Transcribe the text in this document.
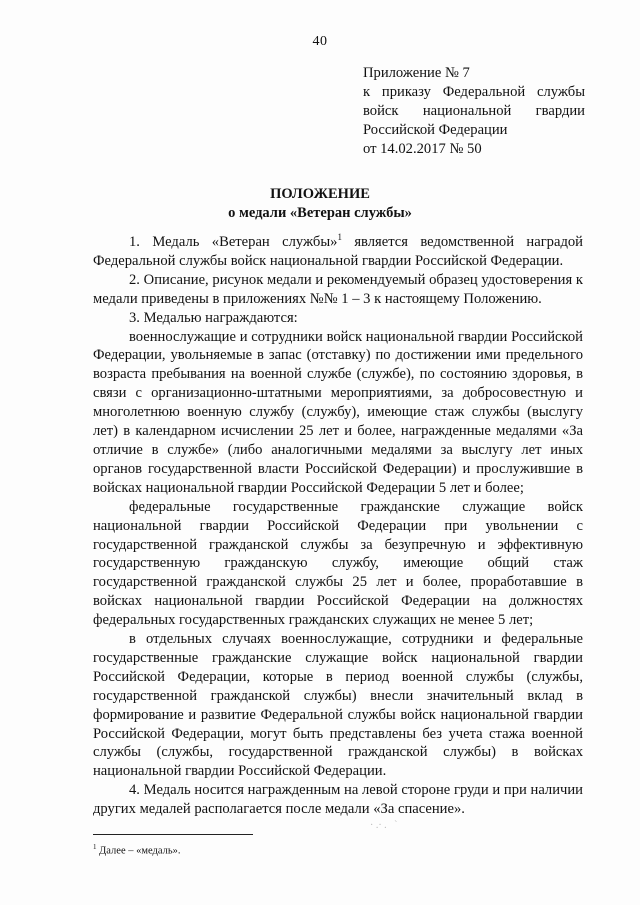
40
Приложение № 7
к приказу Федеральной службы
войск национальной гвардии
Российской Федерации
от 14.02.2017 № 50
ПОЛОЖЕНИЕ
о медали «Ветеран службы»

1. Медаль «Ветеран службы»$^1$ является ведомственной наградой Федеральной службы войск национальной гвардии Российской Федерации.

2. Описание, рисунок медали и рекомендуемый образец удостоверения к медали приведены в приложениях №№ 1 – 3 к настоящему Положению.

3. Медалью награждаются:

военнослужащие и сотрудники войск национальной гвардии Российской Федерации, увольняемые в запас (отставку) по достижении ими предельного возраста пребывания на военной службе (службе), по состоянию здоровья, в связи с организационно-штатными мероприятиями, за добросовестную и многолетнюю военную службу (службу), имеющие стаж службы (выслугу лет) в календарном исчислении 25 лет и более, награжденные медалями «За отличие в службе» (либо аналогичными медалями за выслугу лет иных органов государственной власти Российской Федерации) и прослужившие в войсках национальной гвардии Российской Федерации 5 лет и более;

федеральные государственные гражданские служащие войск национальной гвардии Российской Федерации при увольнении с государственной гражданской службы за безупречную и эффективную государственную гражданскую службу, имеющие общий стаж государственной гражданской службы 25 лет и более, проработавшие в войсках национальной гвардии Российской Федерации на должностях федеральных государственных гражданских служащих не менее 5 лет;

в отдельных случаях военнослужащие, сотрудники и федеральные государственные гражданские служащие войск национальной гвардии Российской Федерации, которые в период военной службы (службы, государственной гражданской службы) внесли значительный вклад в формирование и развитие Федеральной службы войск национальной гвардии Российской Федерации, могут быть представлены без учета стажа военной службы (службы, государственной гражданской службы) в войсках национальной гвардии Российской Федерации.

4. Медаль носится награжденным на левой стороне груди и при наличии других медалей располагается после медали «За спасение».

· .· .   `
$^1$ Далее – «медаль».
